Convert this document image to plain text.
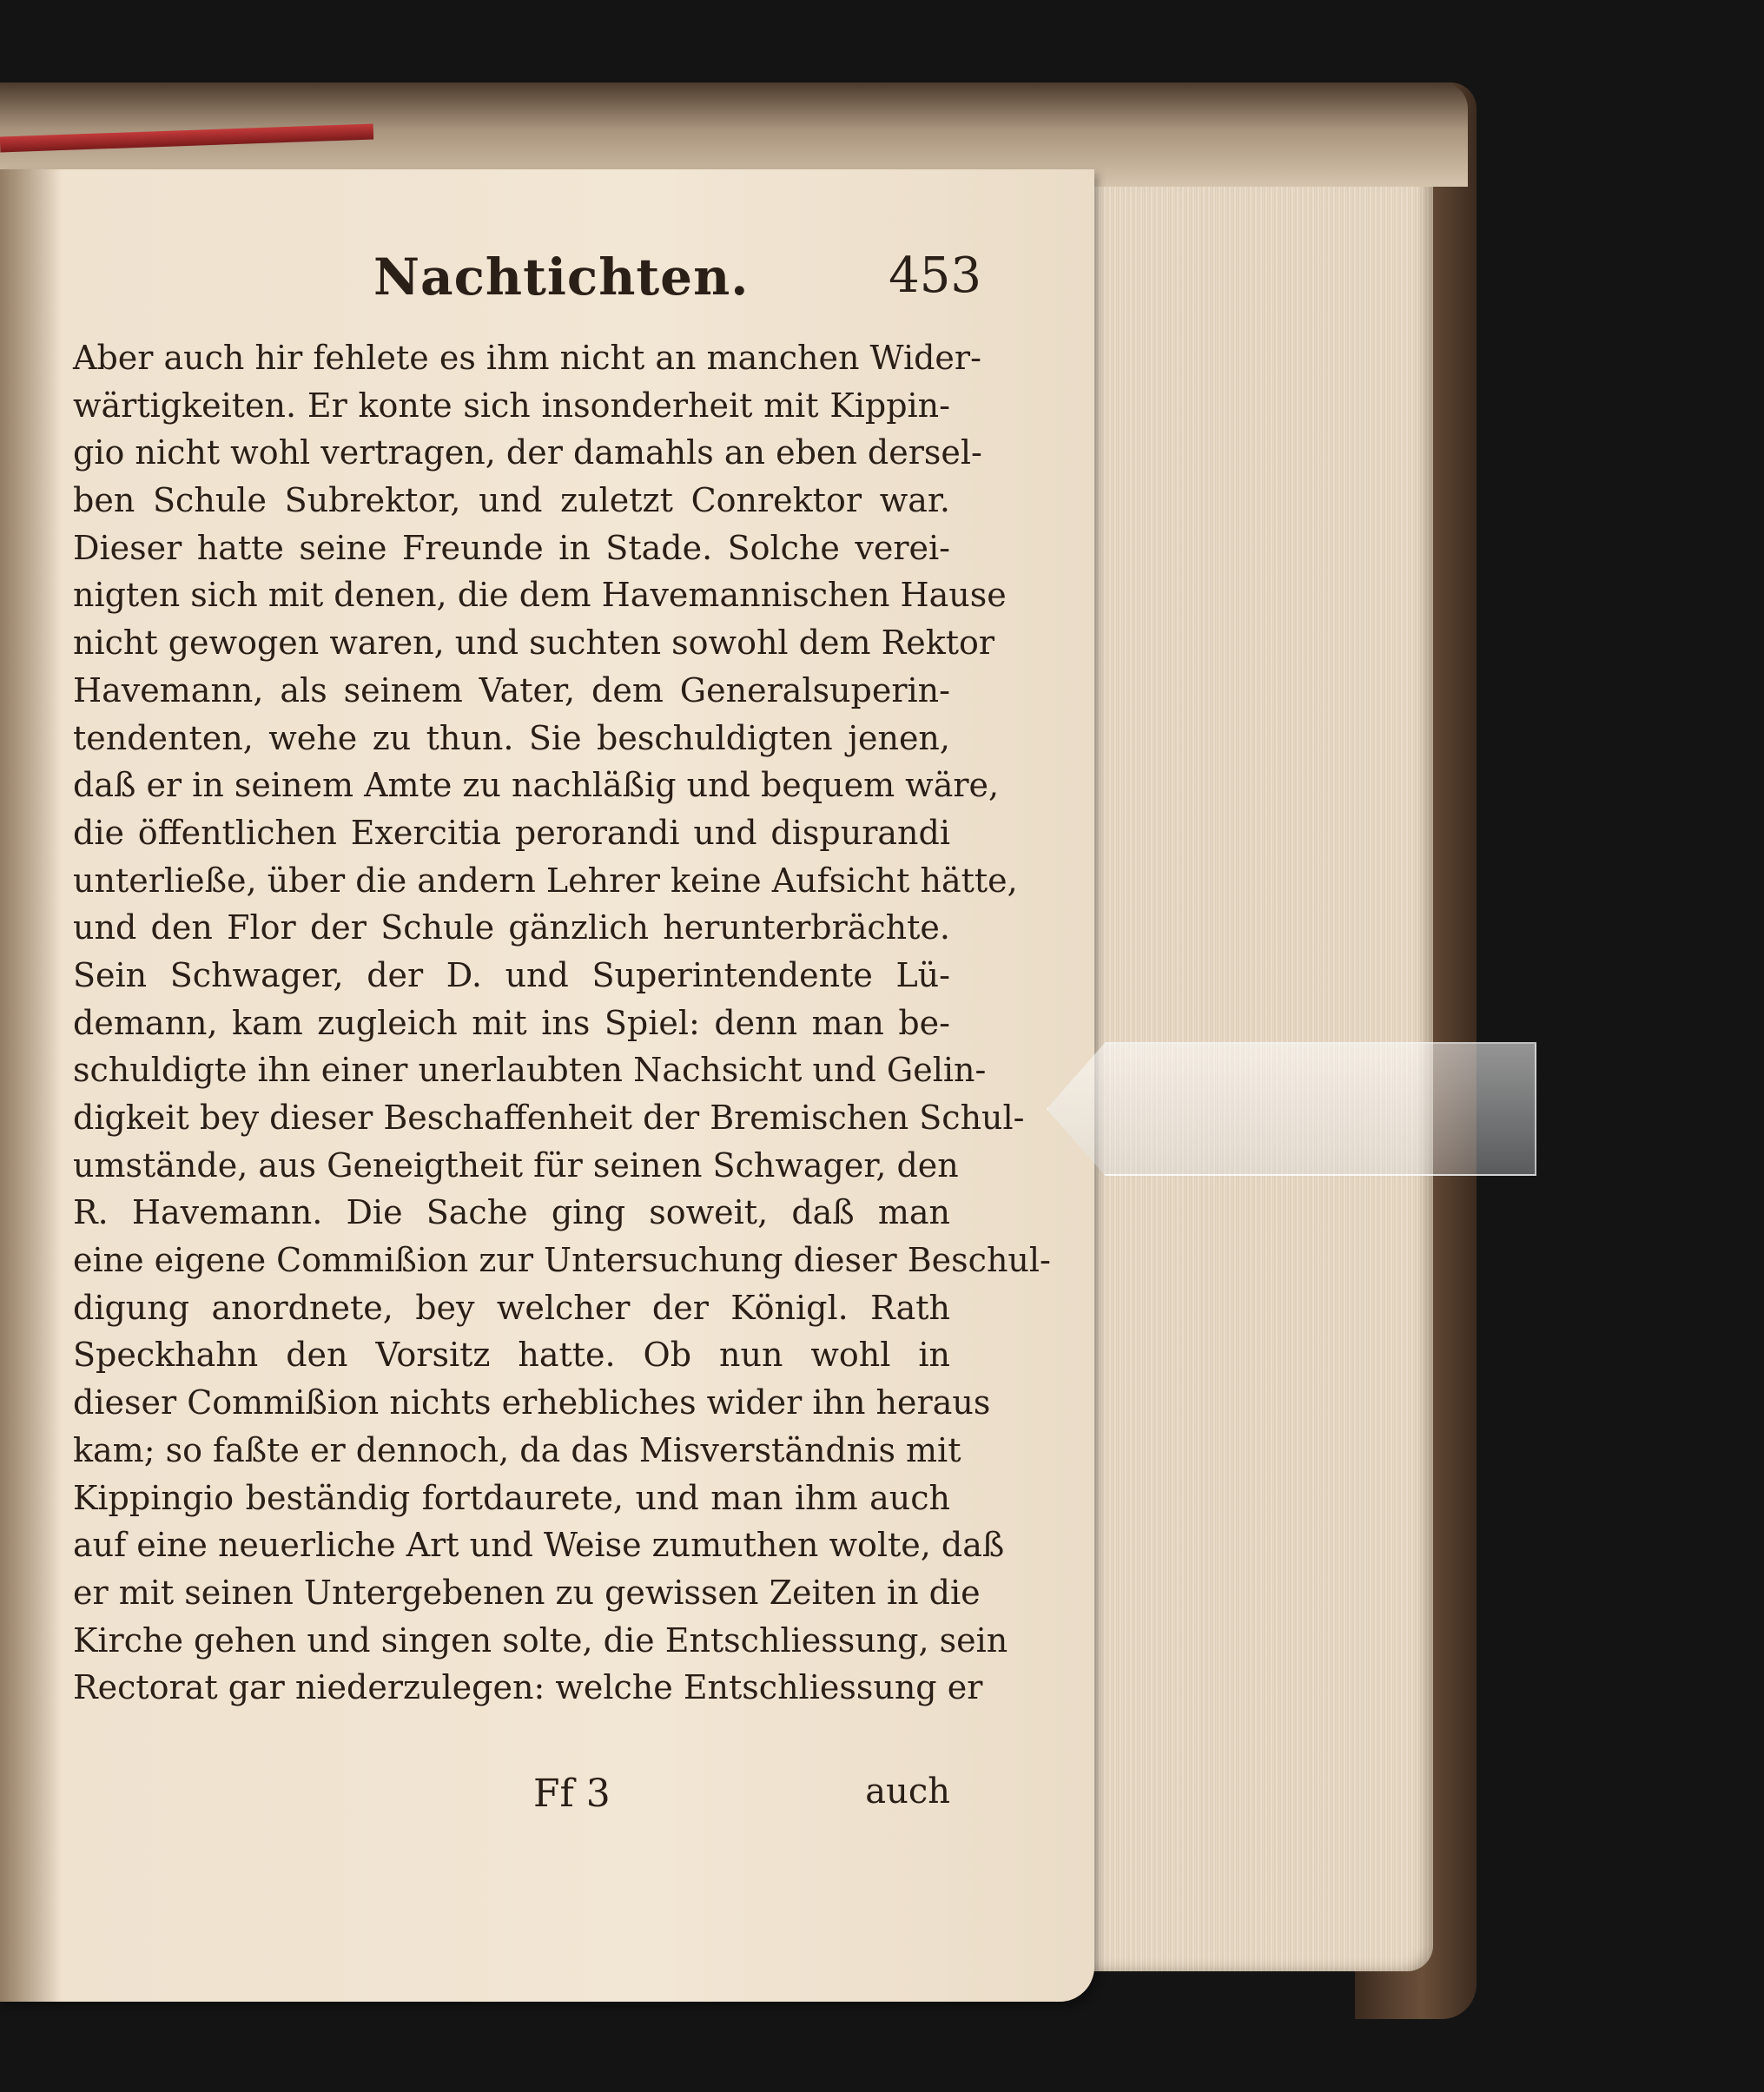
Nachtichten.	453
Aber auch hir fehlete es ihm nicht an manchen Wider-
wärtigkeiten. Er konte sich insonderheit mit Kippin-
gio nicht wohl vertragen, der damahls an eben dersel-
ben Schule Subrektor, und zuletzt Conrektor war.
Dieser hatte seine Freunde in Stade. Solche verei-
nigten sich mit denen, die dem Havemannischen Hause
nicht gewogen waren, und suchten sowohl dem Rektor
Havemann, als seinem Vater, dem Generalsuperin-
tendenten, wehe zu thun. Sie beschuldigten jenen,
daß er in seinem Amte zu nachläßig und bequem wäre,
die öffentlichen Exercitia perorandi und dispurandi
unterließe, über die andern Lehrer keine Aufsicht hätte,
und den Flor der Schule gänzlich herunterbrächte.
Sein Schwager, der D. und Superintendente Lü-
demann, kam zugleich mit ins Spiel: denn man be-
schuldigte ihn einer unerlaubten Nachsicht und Gelin-
digkeit bey dieser Beschaffenheit der Bremischen Schul-
umstände, aus Geneigtheit für seinen Schwager, den
R. Havemann. Die Sache ging soweit, daß man
eine eigene Commißion zur Untersuchung dieser Beschul-
digung anordnete, bey welcher der Königl. Rath
Speckhahn den Vorsitz hatte. Ob nun wohl in
dieser Commißion nichts erhebliches wider ihn heraus
kam; so faßte er dennoch, da das Misverständnis mit
Kippingio beständig fortdaurete, und man ihm auch
auf eine neuerliche Art und Weise zumuthen wolte, daß
er mit seinen Untergebenen zu gewissen Zeiten in die
Kirche gehen und singen solte, die Entschliessung, sein
Rectorat gar niederzulegen: welche Entschliessung er
Ff 3	auch
